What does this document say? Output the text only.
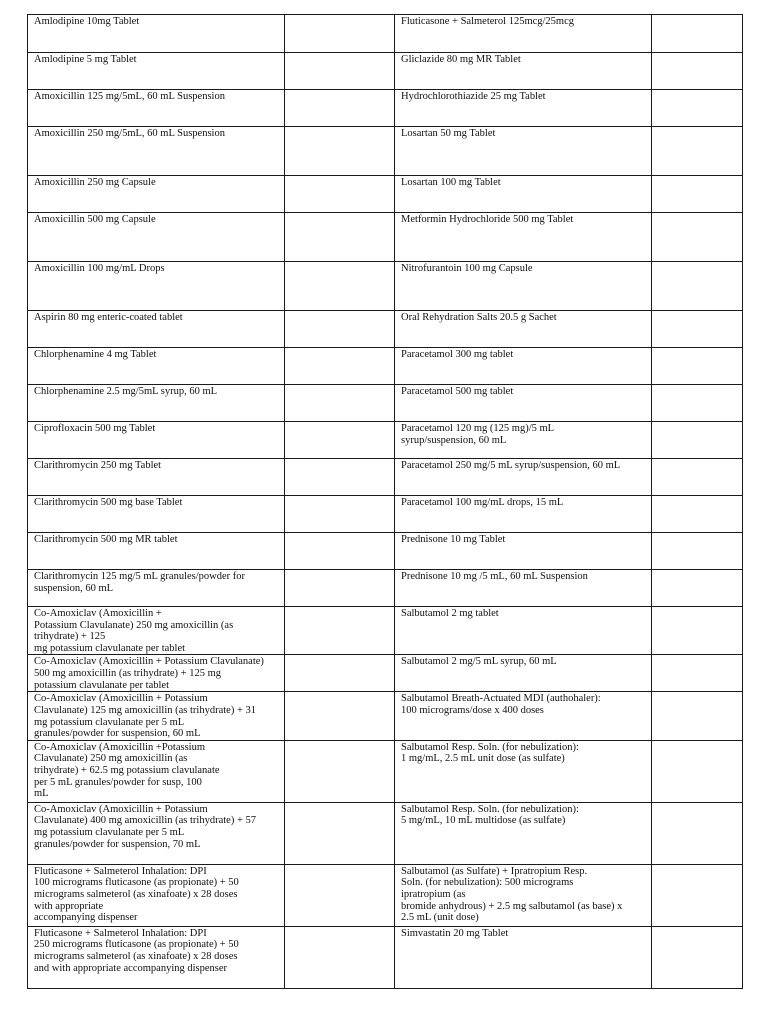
Amlodipine 10mg Tablet		Fluticasone + Salmeterol 125mcg/25mcg	

Amlodipine 5 mg Tablet		Gliclazide 80 mg MR Tablet	

Amoxicillin 125 mg/5mL, 60 mL Suspension		Hydrochlorothiazide 25 mg Tablet	

Amoxicillin 250 mg/5mL, 60 mL Suspension		Losartan 50 mg Tablet	

Amoxicillin 250 mg Capsule		Losartan 100 mg Tablet	

Amoxicillin 500 mg Capsule		Metformin Hydrochloride 500 mg Tablet	

Amoxicillin 100 mg/mL Drops		Nitrofurantoin 100 mg Capsule	

Aspirin 80 mg enteric-coated tablet		Oral Rehydration Salts 20.5 g Sachet	

Chlorphenamine 4 mg Tablet		Paracetamol 300 mg tablet	

Chlorphenamine 2.5 mg/5mL syrup, 60 mL		Paracetamol 500 mg tablet	

Ciprofloxacin 500 mg Tablet		Paracetamol 120 mg (125 mg)/5 mL
syrup/suspension, 60 mL	

Clarithromycin 250 mg Tablet		Paracetamol 250 mg/5 mL syrup/suspension, 60 mL	

Clarithromycin 500 mg base Tablet		Paracetamol 100 mg/mL drops, 15 mL	

Clarithromycin 500 mg MR tablet		Prednisone 10 mg Tablet	

Clarithromycin 125 mg/5 mL granules/powder for
suspension, 60 mL		Prednisone 10 mg /5 mL, 60 mL Suspension	

Co-Amoxiclav (Amoxicillin +
Potassium Clavulanate) 250 mg amoxicillin (as
trihydrate) + 125
mg potassium clavulanate per tablet		Salbutamol 2 mg tablet	

Co-Amoxiclav (Amoxicillin + Potassium Clavulanate)
500 mg amoxicillin (as trihydrate) + 125 mg
potassium clavulanate per tablet		Salbutamol 2 mg/5 mL syrup, 60 mL	

Co-Amoxiclav (Amoxicillin + Potassium
Clavulanate) 125 mg amoxicillin (as trihydrate) + 31
mg potassium clavulanate per 5 mL
granules/powder for suspension, 60 mL		Salbutamol Breath-Actuated MDI (authohaler):
100 micrograms/dose x 400 doses	

Co-Amoxiclav (Amoxicillin +Potassium
Clavulanate) 250 mg amoxicillin (as
trihydrate) + 62.5 mg potassium clavulanate
per 5 mL granules/powder for susp, 100
mL		Salbutamol Resp. Soln. (for nebulization):
1 mg/mL, 2.5 mL unit dose (as sulfate)	

Co-Amoxiclav (Amoxicillin + Potassium
Clavulanate) 400 mg amoxicillin (as trihydrate) + 57
mg potassium clavulanate per 5 mL
granules/powder for suspension, 70 mL		Salbutamol Resp. Soln. (for nebulization):
5 mg/mL, 10 mL multidose (as sulfate)	

Fluticasone + Salmeterol Inhalation: DPI
100 micrograms fluticasone (as propionate) + 50
micrograms salmeterol (as xinafoate) x 28 doses
with appropriate
accompanying dispenser		Salbutamol (as Sulfate) + Ipratropium Resp.
Soln. (for nebulization): 500 micrograms
ipratropium (as
bromide anhydrous) + 2.5 mg salbutamol (as base) x
2.5 mL (unit dose)	

Fluticasone + Salmeterol Inhalation: DPI
250 micrograms fluticasone (as propionate) + 50
micrograms salmeterol (as xinafoate) x 28 doses
and with appropriate accompanying dispenser		Simvastatin 20 mg Tablet	
